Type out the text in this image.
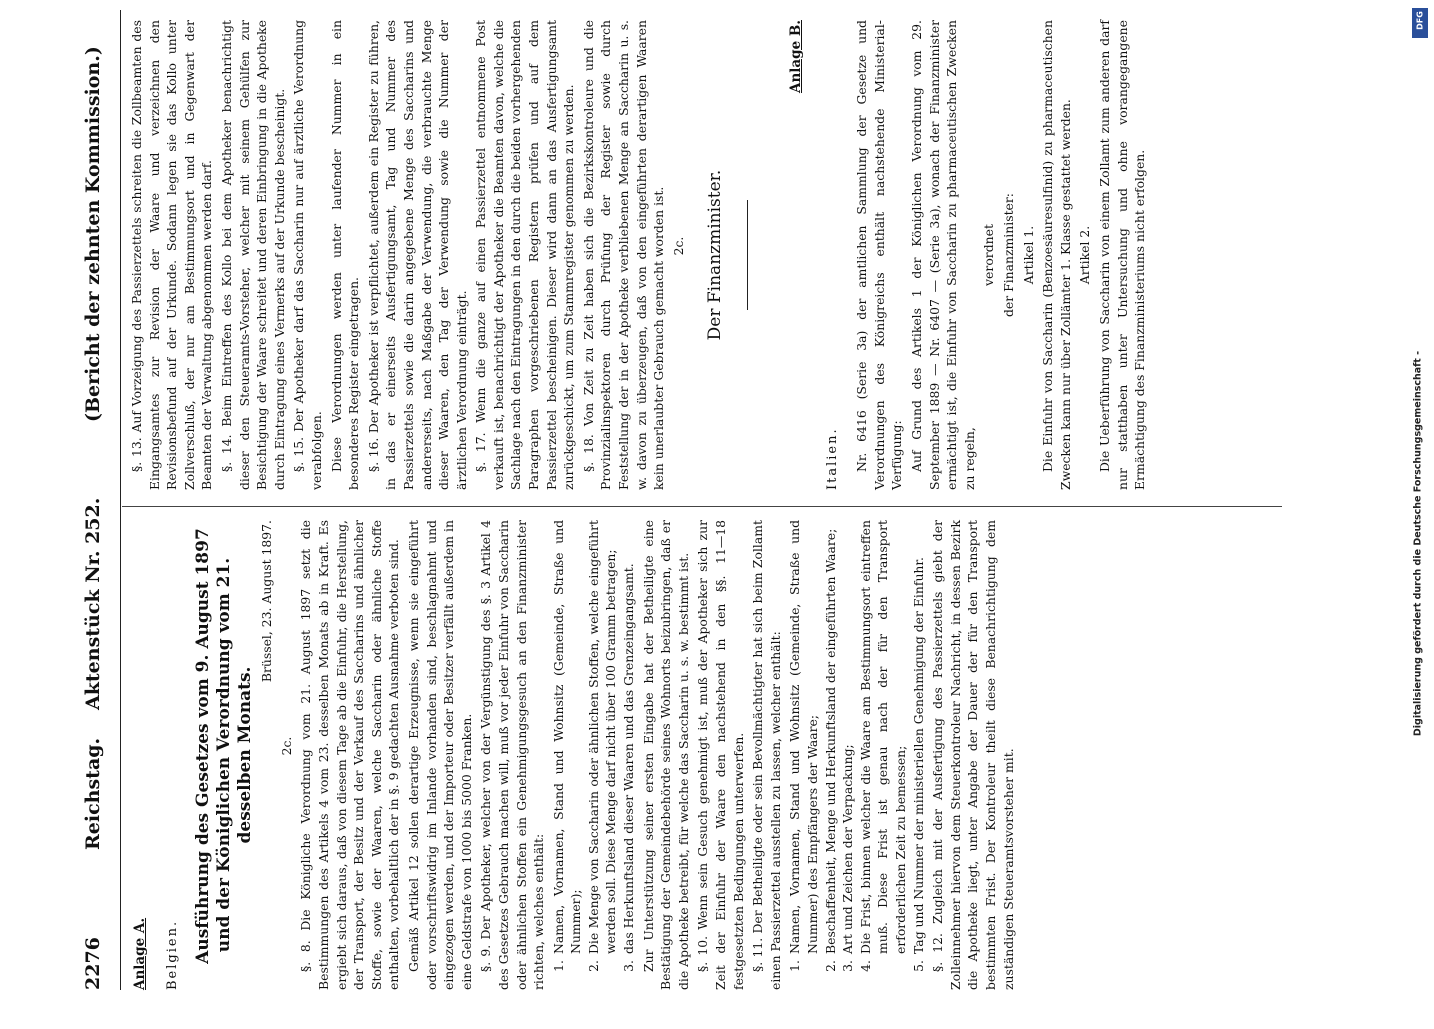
2276
Reichstag.
Aktenstück Nr. 252.
(Bericht der zehnten Kommission.)
Anlage A. Belgien. Ausführung des Gesetzes vom 9. August 1897 und der Königlichen Verordnung vom 21. desselben Monats.

Brüssel, 23. August 1897.

2c. §. 8. Die Königliche Verordnung vom 21. August 1897 setzt die Bestimmungen des Artikels 4 vom 23. desselben Monats ab in Kraft. Es ergiebt sich daraus, daß von diesem Tage ab die Einfuhr, die Herstellung, der Transport, der Besitz und der Verkauf des Saccharins und ähnlicher Stoffe, sowie der Waaren, welche Saccharin oder ähnliche Stoffe enthalten, vorbehaltlich der in §. 9 gedachten Ausnahme verboten sind. Gemäß Artikel 12 sollen derartige Erzeugnisse, wenn sie eingeführt oder vorschriftswidrig im Inlande vorhanden sind, beschlagnahmt und eingezogen werden, und der Importeur oder Besitzer verfällt außerdem in eine Geldstrafe von 1000 bis 5000 Franken. §. 9. Der Apotheker, welcher von der Vergünstigung des §. 3 Artikel 4 des Gesetzes Gebrauch machen will, muß vor jeder Einfuhr von Saccharin oder ähnlichen Stoffen ein Genehmigungsgesuch an den Finanzminister richten, welches enthält: 1.
Namen, Vornamen, Stand und Wohnsitz (Gemeinde, Straße und Nummer);
2.
Die Menge von Saccharin oder ähnlichen Stoffen, welche eingeführt werden soll. Diese Menge darf nicht über 100 Gramm betragen;
3.
das Herkunftsland dieser Waaren und das Grenzeingangsamt. Zur Unterstützung seiner ersten Eingabe hat der Betheiligte eine Bestätigung der Gemeindebehörde seines Wohnorts beizubringen, daß er die Apotheke betreibt, für welche das Saccharin u. s. w. bestimmt ist. §. 10. Wenn sein Gesuch genehmigt ist, muß der Apotheker sich zur Zeit der Einfuhr der Waare den nachstehend in den §§. 11—18 festgesetzten Bedingungen unterwerfen. §. 11. Der Betheiligte oder sein Bevollmächtigter hat sich beim Zollamt einen Passierzettel ausstellen zu lassen, welcher enthält: 1.
Namen, Vornamen, Stand und Wohnsitz (Gemeinde, Straße und Nummer) des Empfängers der Waare;
2.
Beschaffenheit, Menge und Herkunftsland der eingeführten Waare;
3.
Art und Zeichen der Verpackung;
4.
Die Frist, binnen welcher die Waare am Bestimmungsort eintreffen muß. Diese Frist ist genau nach der für den Transport erforderlichen Zeit zu bemessen;
5.
Tag und Nummer der ministeriellen Genehmigung der Einfuhr. §. 12. Zugleich mit der Ausfertigung des Passierzettels giebt der Zolleinnehmer hiervon dem Steuerkontroleur Nachricht, in dessen Bezirk die Apotheke liegt, unter Angabe der Dauer der für den Transport bestimmten Frist. Der Kontroleur theilt diese Benachrichtigung dem zuständigen Steueramtsvorsteher mit.

§. 13. Auf Vorzeigung des Passierzettels schreiten die Zollbeamten des Eingangsamtes zur Revision der Waare und verzeichnen den Revisionsbefund auf der Urkunde. Sodann legen sie das Kollo unter Zollverschluß, der nur am Bestimmungsort und in Gegenwart der Beamten der Verwaltung abgenommen werden darf. §. 14. Beim Eintreffen des Kollo bei dem Apotheker benachrichtigt dieser den Steueramts-Vorsteher, welcher mit seinem Gehülfen zur Besichtigung der Waare schreitet und deren Einbringung in die Apotheke durch Eintragung eines Vermerks auf der Urkunde bescheinigt. §. 15. Der Apotheker darf das Saccharin nur auf ärztliche Verordnung verabfolgen. Diese Verordnungen werden unter laufender Nummer in ein besonderes Register eingetragen. §. 16. Der Apotheker ist verpflichtet, außerdem ein Register zu führen, in das er einerseits Ausfertigungsamt, Tag und Nummer des Passierzettels sowie die darin angegebene Menge des Saccharins und andererseits, nach Maßgabe der Verwendung, die verbrauchte Menge dieser Waaren, den Tag der Verwendung sowie die Nummer der ärztlichen Verordnung einträgt. §. 17. Wenn die ganze auf einen Passierzettel entnommene Post verkauft ist, benachrichtigt der Apotheker die Beamten davon, welche die Sachlage nach den Eintragungen in den durch die beiden vorhergehenden Paragraphen vorgeschriebenen Registern prüfen und auf dem Passierzettel bescheinigen. Dieser wird dann an das Ausfertigungsamt zurückgeschickt, um zum Stammregister genommen zu werden. §. 18. Von Zeit zu Zeit haben sich die Bezirkskontroleure und die Provinzialinspektoren durch Prüfung der Register sowie durch Feststellung der in der Apotheke verbliebenen Menge an Saccharin u. s. w. davon zu überzeugen, daß von den eingeführten derartigen Waaren kein unerlaubter Gebrauch gemacht worden ist. 2c. Der Finanzminister.
Anlage B.
Italien. Nr. 6416 (Serie 3a) der amtlichen Sammlung der Gesetze und Verordnungen des Königreichs enthält nachstehende Ministerial-Verfügung: Auf Grund des Artikels 1 der Königlichen Verordnung vom 29. September 1889 — Nr. 6407 — (Serie 3a), wonach der Finanzminister ermächtigt ist, die Einfuhr von Saccharin zu pharmaceutischen Zwecken zu regeln,

verordnet der Finanzminister: Artikel 1. Die Einfuhr von Saccharin (Benzoesäuresulfinid) zu pharmaceutischen Zwecken kann nur über Zollämter 1. Klasse gestattet werden. Artikel 2. Die Ueberführung von Saccharin von einem Zollamt zum anderen darf nur statthaben unter Untersuchung und ohne vorangegangene Ermächtigung des Finanzministeriums nicht erfolgen.

DFG
Digitalisierung gefördert durch die Deutsche Forschungsgemeinschaft -
